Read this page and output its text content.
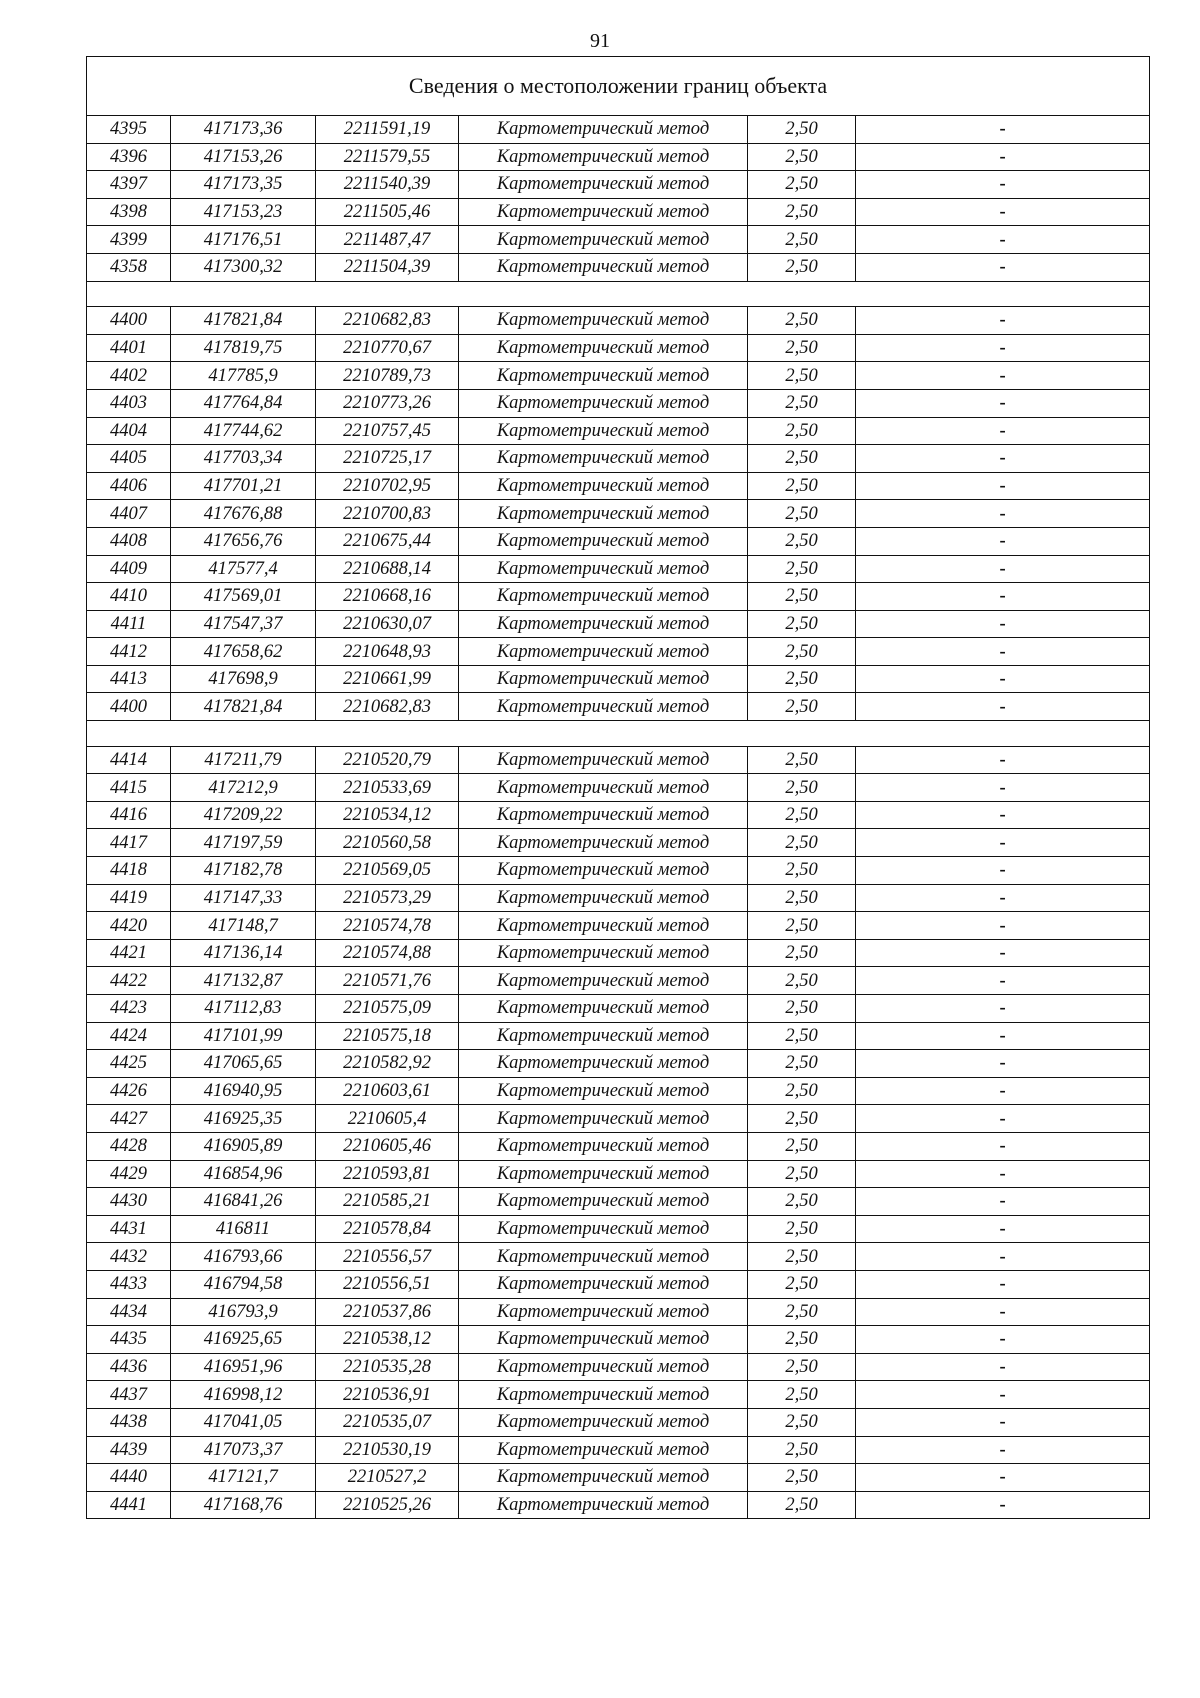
91
Сведения о местоположении границ объекта					
4395	417173,36	2211591,19	Картометрический метод	2,50	-
4396	417153,26	2211579,55	Картометрический метод	2,50	-
4397	417173,35	2211540,39	Картометрический метод	2,50	-
4398	417153,23	2211505,46	Картометрический метод	2,50	-
4399	417176,51	2211487,47	Картометрический метод	2,50	-
4358	417300,32	2211504,39	Картометрический метод	2,50	-

4400	417821,84	2210682,83	Картометрический метод	2,50	-
4401	417819,75	2210770,67	Картометрический метод	2,50	-
4402	417785,9	2210789,73	Картометрический метод	2,50	-
4403	417764,84	2210773,26	Картометрический метод	2,50	-
4404	417744,62	2210757,45	Картометрический метод	2,50	-
4405	417703,34	2210725,17	Картометрический метод	2,50	-
4406	417701,21	2210702,95	Картометрический метод	2,50	-
4407	417676,88	2210700,83	Картометрический метод	2,50	-
4408	417656,76	2210675,44	Картометрический метод	2,50	-
4409	417577,4	2210688,14	Картометрический метод	2,50	-
4410	417569,01	2210668,16	Картометрический метод	2,50	-
4411	417547,37	2210630,07	Картометрический метод	2,50	-
4412	417658,62	2210648,93	Картометрический метод	2,50	-
4413	417698,9	2210661,99	Картометрический метод	2,50	-
4400	417821,84	2210682,83	Картометрический метод	2,50	-

4414	417211,79	2210520,79	Картометрический метод	2,50	-
4415	417212,9	2210533,69	Картометрический метод	2,50	-
4416	417209,22	2210534,12	Картометрический метод	2,50	-
4417	417197,59	2210560,58	Картометрический метод	2,50	-
4418	417182,78	2210569,05	Картометрический метод	2,50	-
4419	417147,33	2210573,29	Картометрический метод	2,50	-
4420	417148,7	2210574,78	Картометрический метод	2,50	-
4421	417136,14	2210574,88	Картометрический метод	2,50	-
4422	417132,87	2210571,76	Картометрический метод	2,50	-
4423	417112,83	2210575,09	Картометрический метод	2,50	-
4424	417101,99	2210575,18	Картометрический метод	2,50	-
4425	417065,65	2210582,92	Картометрический метод	2,50	-
4426	416940,95	2210603,61	Картометрический метод	2,50	-
4427	416925,35	2210605,4	Картометрический метод	2,50	-
4428	416905,89	2210605,46	Картометрический метод	2,50	-
4429	416854,96	2210593,81	Картометрический метод	2,50	-
4430	416841,26	2210585,21	Картометрический метод	2,50	-
4431	416811	2210578,84	Картометрический метод	2,50	-
4432	416793,66	2210556,57	Картометрический метод	2,50	-
4433	416794,58	2210556,51	Картометрический метод	2,50	-
4434	416793,9	2210537,86	Картометрический метод	2,50	-
4435	416925,65	2210538,12	Картометрический метод	2,50	-
4436	416951,96	2210535,28	Картометрический метод	2,50	-
4437	416998,12	2210536,91	Картометрический метод	2,50	-
4438	417041,05	2210535,07	Картометрический метод	2,50	-
4439	417073,37	2210530,19	Картометрический метод	2,50	-
4440	417121,7	2210527,2	Картометрический метод	2,50	-
4441	417168,76	2210525,26	Картометрический метод	2,50	-
